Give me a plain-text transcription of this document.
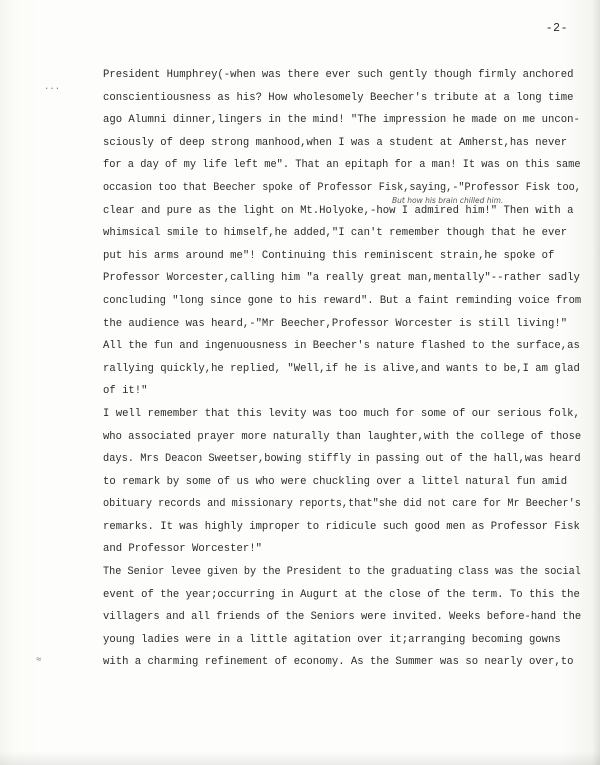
-2-
But how his brain chilled him.
···
≈
President Humphrey(-when was there ever such gently though firmly anchored
conscientiousness as his? How wholesomely Beecher's tribute at a long time
ago Alumni dinner,lingers in the mind! "The impression he made on me uncon-
sciously of deep strong manhood,when I was a student at Amherst,has never
for a day of my life left me". That an epitaph for a man! It was on this same
occasion too that Beecher spoke of Professor Fisk,saying,-"Professor Fisk too,
clear and pure as the light on Mt.Holyoke,-how I admired him!" Then with a
whimsical smile to himself,he added,"I can't remember though that he ever
put his arms around me"! Continuing this reminiscent strain,he spoke of
Professor Worcester,calling him "a really great man,mentally"--rather sadly
concluding "long since gone to his reward". But a faint reminding voice from
the audience was heard,-"Mr Beecher,Professor Worcester is still living!"
All the fun and ingenuousness in Beecher's nature flashed to the surface,as
rallying quickly,he replied, "Well,if he is alive,and wants to be,I am glad
of it!"
I well remember that this levity was too much for some of our serious folk,
who associated prayer more naturally than laughter,with the college of those
days. Mrs Deacon Sweetser,bowing stiffly in passing out of the hall,was heard
to remark by some of us who were chuckling over a littel natural fun amid
obituary records and missionary reports,that"she did not care for Mr Beecher's
remarks. It was highly improper to ridicule such good men as Professor Fisk
and Professor Worcester!"
The Senior levee given by the President to the graduating class was the social
event of the year;occurring in Augurt at the close of the term. To this the
villagers and all friends of the Seniors were invited. Weeks before-hand the
young ladies were in a little agitation over it;arranging becoming gowns
with a charming refinement of economy. As the Summer was so nearly over,to
